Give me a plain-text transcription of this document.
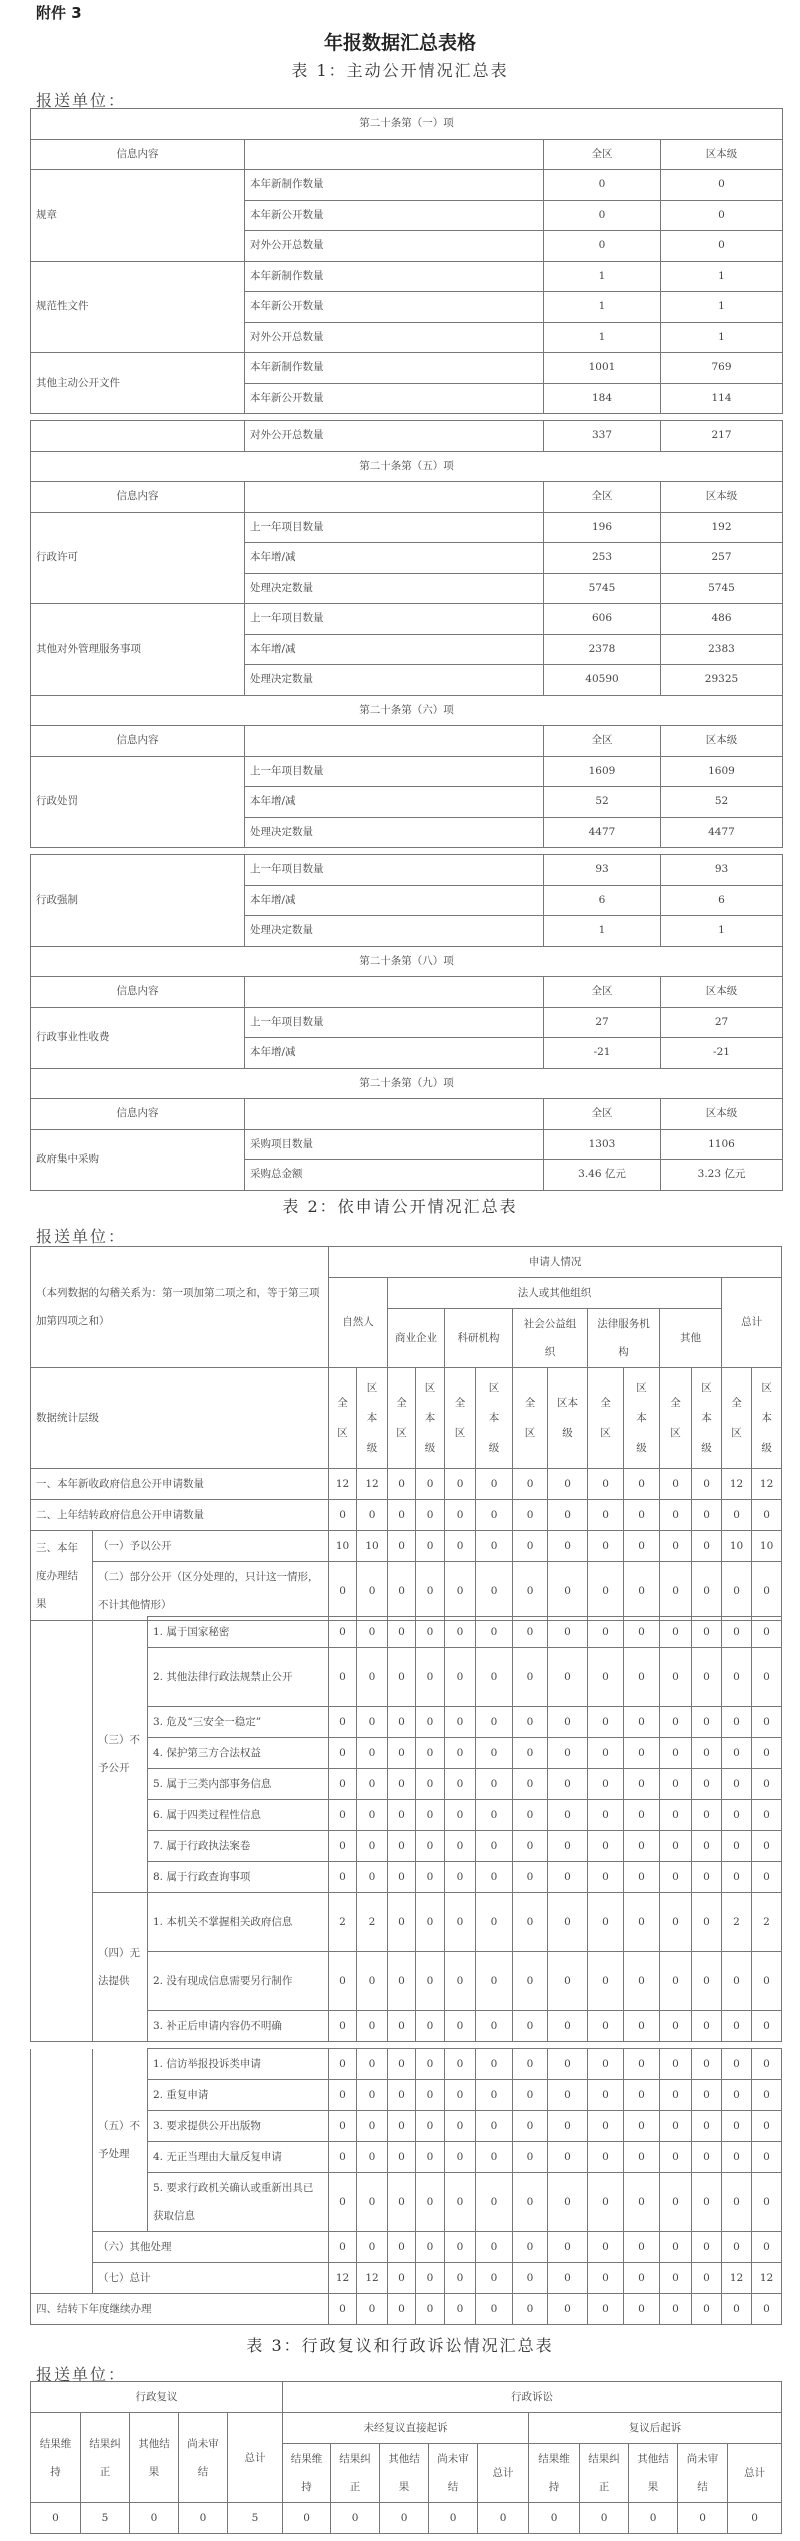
附件 3
年报数据汇总表格
表 1：主动公开情况汇总表
报送单位：
第二十条第（一）项			
信息内容		全区	区本级
规章	本年新制作数量	0	0
	本年新公开数量	0	0
	对外公开总数量	0	0
规范性文件	本年新制作数量	1	1
	本年新公开数量	1	1
	对外公开总数量	1	1
其他主动公开文件	本年新制作数量	1001	769
	本年新公开数量	184	114
	对外公开总数量	337	217
第二十条第（五）项			
信息内容		全区	区本级
行政许可	上一年项目数量	196	192
	本年增/减	253	257
	处理决定数量	5745	5745
其他对外管理服务事项	上一年项目数量	606	486
	本年增/减	2378	2383
	处理决定数量	40590	29325
第二十条第（六）项			
信息内容		全区	区本级
行政处罚	上一年项目数量	1609	1609
	本年增/减	52	52
	处理决定数量	4477	4477
行政强制	上一年项目数量	93	93
	本年增/减	6	6
	处理决定数量	1	1
第二十条第（八）项			
信息内容		全区	区本级
行政事业性收费	上一年项目数量	27	27
	本年增/减	-21	-21
第二十条第（九）项			
信息内容		全区	区本级
政府集中采购	采购项目数量	1303	1106
	采购总金额	3.46 亿元	3.23 亿元
表 2：依申请公开情况汇总表
报送单位：
（本列数据的勾稽关系为：第一项加第二项之和，等于第三项加第四项之和）		申请人情况													
		自然人		法人或其他组织										总计	
				商业企业		科研机构		社会公益组织		法律服务机构		其他			
数据统计层级		全区	区本级	全区	区本级	全区	区本级	全区	区本级	全区	区本级	全区	区本级	全区	区本级
一、本年新收政府信息公开申请数量		12	12	0	0	0	0	0	0	0	0	0	0	12	12
二、上年结转政府信息公开申请数量		0	0	0	0	0	0	0	0	0	0	0	0	0	0
三、本年度办理结果	（一）予以公开	10	10	0	0	0	0	0	0	0	0	0	0	10	10
	（二）部分公开（区分处理的，只计这一情形，不计其他情形）	0	0	0	0	0	0	0	0	0	0	0	0	0	0
	（三）不予公开	1. 属于国家秘密	0	0	0	0	0	0	0	0	0	0	0	0	0	0
		2. 其他法律行政法规禁止公开	0	0	0	0	0	0	0	0	0	0	0	0	0	0
		3. 危及“三安全一稳定”	0	0	0	0	0	0	0	0	0	0	0	0	0	0
		4. 保护第三方合法权益	0	0	0	0	0	0	0	0	0	0	0	0	0	0
		5. 属于三类内部事务信息	0	0	0	0	0	0	0	0	0	0	0	0	0	0
		6. 属于四类过程性信息	0	0	0	0	0	0	0	0	0	0	0	0	0	0
		7. 属于行政执法案卷	0	0	0	0	0	0	0	0	0	0	0	0	0	0
		8. 属于行政查询事项	0	0	0	0	0	0	0	0	0	0	0	0	0	0
	（四）无法提供	1. 本机关不掌握相关政府信息	2	2	0	0	0	0	0	0	0	0	0	0	2	2
		2. 没有现成信息需要另行制作	0	0	0	0	0	0	0	0	0	0	0	0	0	0
		3. 补正后申请内容仍不明确	0	0	0	0	0	0	0	0	0	0	0	0	0	0
	（五）不予处理	1. 信访举报投诉类申请	0	0	0	0	0	0	0	0	0	0	0	0	0	0
		2. 重复申请	0	0	0	0	0	0	0	0	0	0	0	0	0	0
		3. 要求提供公开出版物	0	0	0	0	0	0	0	0	0	0	0	0	0	0
		4. 无正当理由大量反复申请	0	0	0	0	0	0	0	0	0	0	0	0	0	0
		5. 要求行政机关确认或重新出具已获取信息	0	0	0	0	0	0	0	0	0	0	0	0	0	0
	（六）其他处理		0	0	0	0	0	0	0	0	0	0	0	0	0	0
	（七）总计		12	12	0	0	0	0	0	0	0	0	0	0	12	12
四、结转下年度继续办理			0	0	0	0	0	0	0	0	0	0	0	0	0	0
表 3：行政复议和行政诉讼情况汇总表
报送单位：
行政复议					行政诉讼									
结果维持	结果纠正	其他结果	尚未审结	总计	未经复议直接起诉					复议后起诉				
					结果维持	结果纠正	其他结果	尚未审结	总计	结果维持	结果纠正	其他结果	尚未审结	总计
0	5	0	0	5	0	0	0	0	0	0	0	0	0	0
